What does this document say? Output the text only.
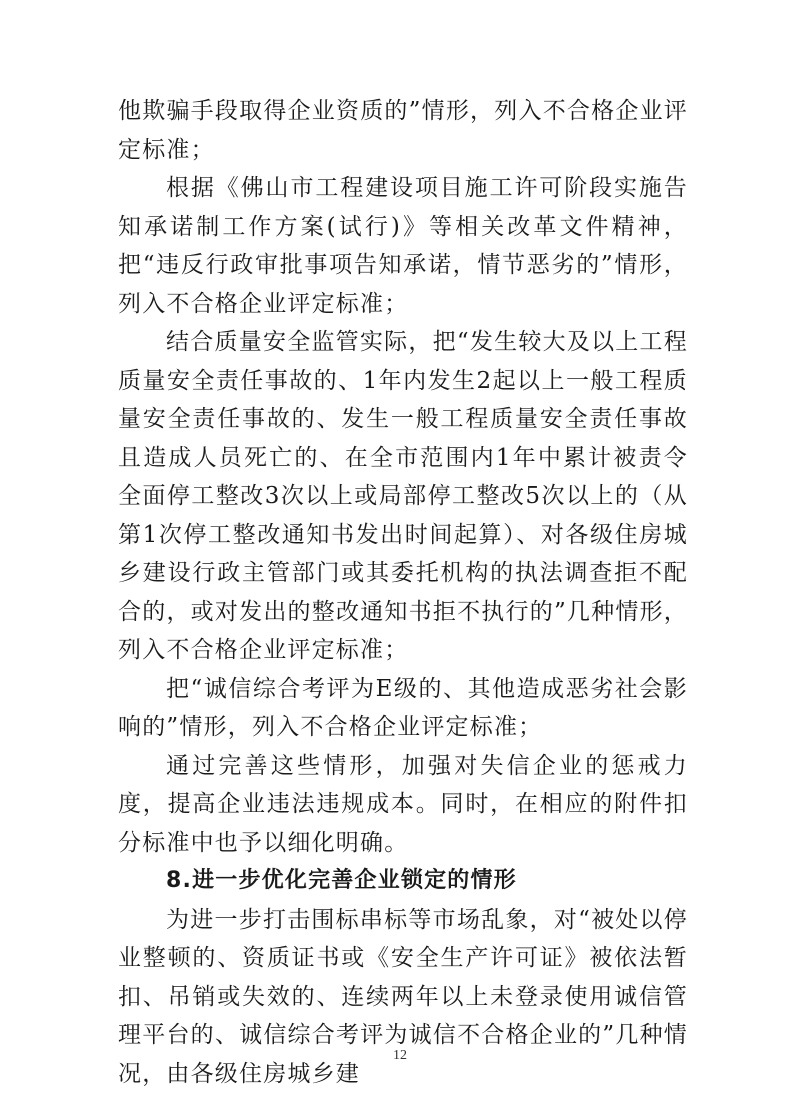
他欺骗手段取得企业资质的”情形，列入不合格企业评定标准；

根据《佛山市工程建设项目施工许可阶段实施告知承诺制工作方案(试行)》等相关改革文件精神，把“违反行政审批事项告知承诺，情节恶劣的”情形，列入不合格企业评定标准；

结合质量安全监管实际，把“发生较大及以上工程质量安全责任事故的、1年内发生2起以上一般工程质量安全责任事故的、发生一般工程质量安全责任事故且造成人员死亡的、在全市范围内1年中累计被责令全面停工整改3次以上或局部停工整改5次以上的（从第1次停工整改通知书发出时间起算）、对各级住房城乡建设行政主管部门或其委托机构的执法调查拒不配合的，或对发出的整改通知书拒不执行的”几种情形，列入不合格企业评定标准；

把“诚信综合考评为E级的、其他造成恶劣社会影响的”情形，列入不合格企业评定标准；

通过完善这些情形，加强对失信企业的惩戒力度，提高企业违法违规成本。同时，在相应的附件扣分标准中也予以细化明确。

8.进一步优化完善企业锁定的情形

为进一步打击围标串标等市场乱象，对“被处以停业整顿的、资质证书或《安全生产许可证》被依法暂扣、吊销或失效的、连续两年以上未登录使用诚信管理平台的、诚信综合考评为诚信不合格企业的”几种情况，由各级住房城乡建

12
